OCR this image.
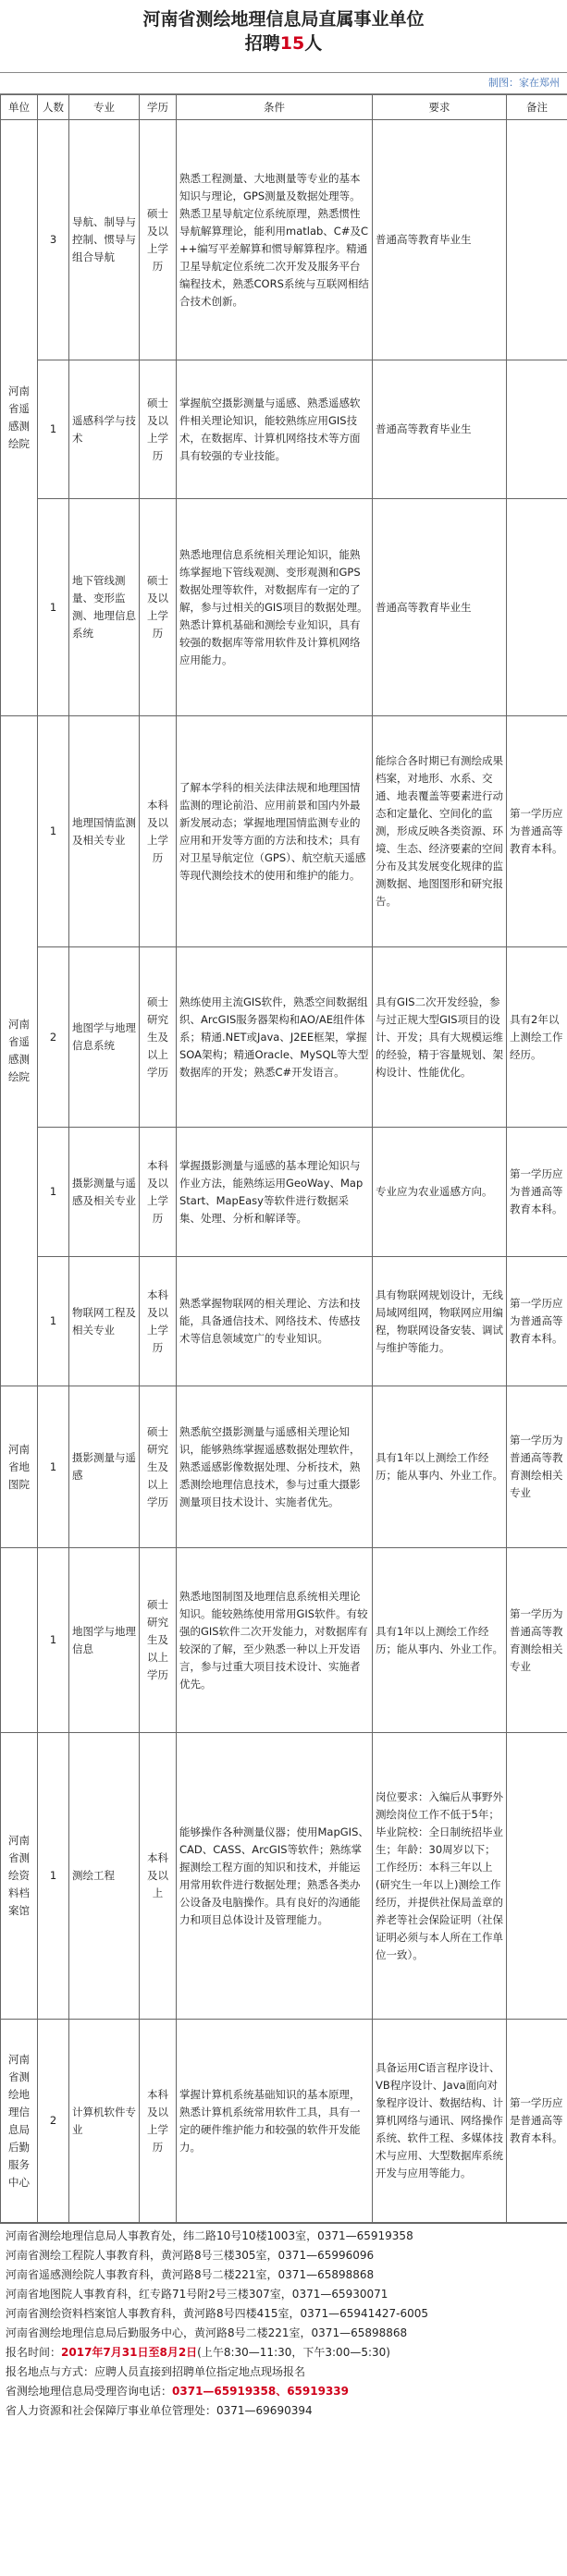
河南省测绘地理信息局直属事业单位
招聘15人
制图：家在郑州
单位	人数	专业	学历	条件	要求	备注
河南省遥感测绘院	3	导航、制导与控制、惯导与组合导航	硕士及以上学历	熟悉工程测量、大地测量等专业的基本知识与理论，GPS测量及数据处理等。熟悉卫星导航定位系统原理，熟悉惯性导航解算理论，能利用matlab、C#及C++编写平差解算和惯导解算程序。精通卫星导航定位系统二次开发及服务平台编程技术，熟悉CORS系统与互联网相结合技术创新。	普通高等教育毕业生	
	1	遥感科学与技术	硕士及以上学历	掌握航空摄影测量与遥感、熟悉遥感软件相关理论知识，能较熟练应用GIS技术，在数据库、计算机网络技术等方面具有较强的专业技能。	普通高等教育毕业生	
	1	地下管线测量、变形监测、地理信息系统	硕士及以上学历	熟悉地理信息系统相关理论知识，能熟练掌握地下管线观测、变形观测和GPS数据处理等软件，对数据库有一定的了解，参与过相关的GIS项目的数据处理。熟悉计算机基础和测绘专业知识，具有较强的数据库等常用软件及计算机网络应用能力。	普通高等教育毕业生	
河南省遥感测绘院	1	地理国情监测及相关专业	本科及以上学历	了解本学科的相关法律法规和地理国情监测的理论前沿、应用前景和国内外最新发展动态；掌握地理国情监测专业的应用和开发等方面的方法和技术；具有对卫星导航定位（GPS）、航空航天遥感等现代测绘技术的使用和维护的能力。	能综合各时期已有测绘成果档案，对地形、水系、交通、地表覆盖等要素进行动态和定量化、空间化的监测，形成反映各类资源、环境、生态、经济要素的空间分布及其发展变化规律的监测数据、地图图形和研究报告。	第一学历应为普通高等教育本科。
	2	地图学与地理信息系统	硕士研究生及以上学历	熟练使用主流GIS软件，熟悉空间数据组织、ArcGIS服务器架构和AO/AE组件体系；精通.NET或Java、J2EE框架，掌握SOA架构；精通Oracle、MySQL等大型数据库的开发；熟悉C#开发语言。	具有GIS二次开发经验，参与过正规大型GIS项目的设计、开发；具有大规模运维的经验，精于容量规划、架构设计、性能优化。	具有2年以上测绘工作经历。
	1	摄影测量与遥感及相关专业	本科及以上学历	掌握摄影测量与遥感的基本理论知识与作业方法，能熟练运用GeoWay、MapStart、MapEasy等软件进行数据采集、处理、分析和解译等。	专业应为农业遥感方向。	第一学历应为普通高等教育本科。
	1	物联网工程及相关专业	本科及以上学历	熟悉掌握物联网的相关理论、方法和技能，具备通信技术、网络技术、传感技术等信息领域宽广的专业知识。	具有物联网规划设计，无线局域网组网，物联网应用编程，物联网设备安装、调试与维护等能力。	第一学历应为普通高等教育本科。
河南省地图院	1	摄影测量与遥感	硕士研究生及以上学历	熟悉航空摄影测量与遥感相关理论知识，能够熟练掌握遥感数据处理软件，熟悉遥感影像数据处理、分析技术，熟悉测绘地理信息技术，参与过重大摄影测量项目技术设计、实施者优先。	具有1年以上测绘工作经历；能从事内、外业工作。	第一学历为普通高等教育测绘相关专业
	1	地图学与地理信息	硕士研究生及以上学历	熟悉地图制图及地理信息系统相关理论知识。能较熟练使用常用GIS软件。有较强的GIS软件二次开发能力，对数据库有较深的了解，至少熟悉一种以上开发语言，参与过重大项目技术设计、实施者优先。	具有1年以上测绘工作经历；能从事内、外业工作。	第一学历为普通高等教育测绘相关专业
河南省测绘资料档案馆	1	测绘工程	本科及以上	能够操作各种测量仪器；使用MapGIS、CAD、CASS、ArcGIS等软件；熟练掌握测绘工程方面的知识和技术，并能运用常用软件进行数据处理；熟悉各类办公设备及电脑操作。具有良好的沟通能力和项目总体设计及管理能力。	岗位要求：入编后从事野外测绘岗位工作不低于5年；毕业院校：全日制统招毕业生；年龄：30周岁以下；工作经历：本科三年以上(研究生一年以上)测绘工作经历，并提供社保局盖章的养老等社会保险证明（社保证明必须与本人所在工作单位一致）。	
河南省测绘地理信息局后勤服务中心	2	计算机软件专业	本科及以上学历	掌握计算机系统基础知识的基本原理，熟悉计算机系统常用软件工具，具有一定的硬件维护能力和较强的软件开发能力。	具备运用C语言程序设计、VB程序设计、Java面向对象程序设计、数据结构、计算机网络与通讯、网络操作系统、软件工程、多媒体技术与应用、大型数据库系统开发与应用等能力。	第一学历应是普通高等教育本科。
河南省测绘地理信息局人事教育处，纬二路10号10楼1003室，0371—65919358
河南省测绘工程院人事教育科，黄河路8号三楼305室，0371—65996096
河南省遥感测绘院人事教育科，黄河路8号二楼221室，0371—65898868
河南省地图院人事教育科，红专路71号附2号三楼307室，0371—65930071
河南省测绘资料档案馆人事教育科，黄河路8号四楼415室，0371—65941427-6005
河南省测绘地理信息局后勤服务中心，黄河路8号二楼221室，0371—65898868
报名时间：2017年7月31日至8月2日(上午8:30—11:30，下午3:00—5:30)
报名地点与方式：应聘人员直接到招聘单位指定地点现场报名
省测绘地理信息局受理咨询电话：0371—65919358、65919339
省人力资源和社会保障厅事业单位管理处：0371—69690394
